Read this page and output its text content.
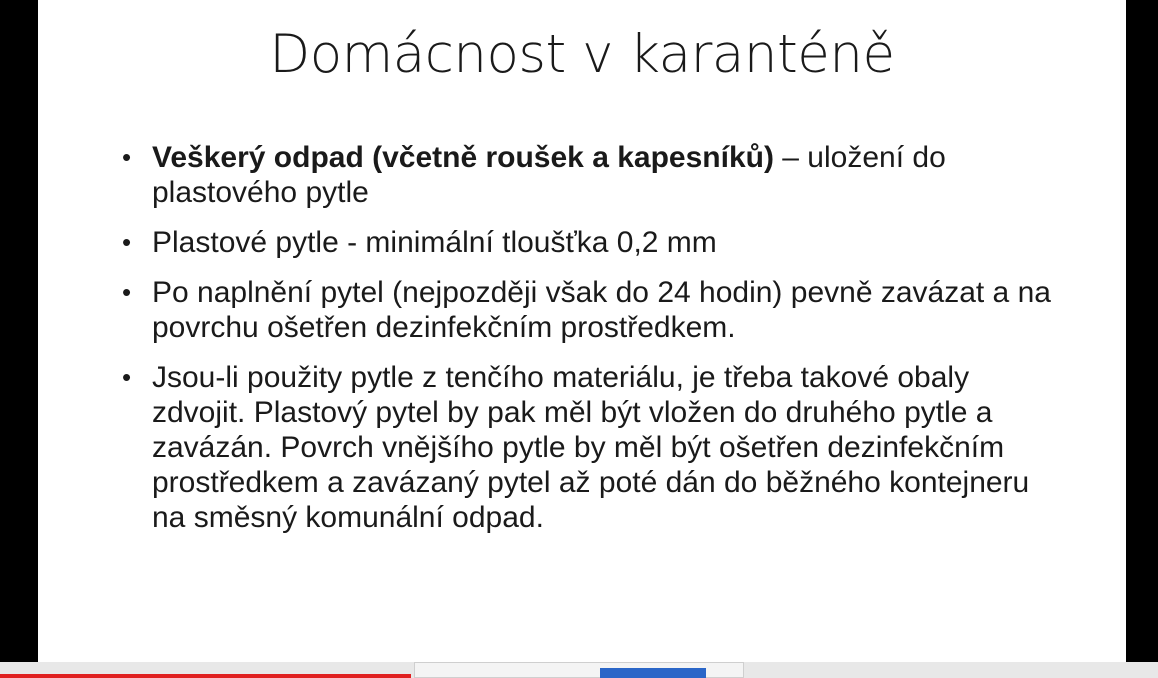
Domácnost v karanténě
• Veškerý odpad (včetně roušek a kapesníků) – uložení do plastového pytle
• Plastové pytle - minimální tloušťka 0,2 mm
• Po naplnění pytel (nejpozději však do 24 hodin) pevně zavázat a na povrchu ošetřen dezinfekčním prostředkem.
• Jsou-li použity pytle z tenčího materiálu, je třeba takové obaly zdvojit. Plastový pytel by pak měl být vložen do druhého pytle a zavázán. Povrch vnějšího pytle by měl být ošetřen dezinfekčním prostředkem a zavázaný pytel až poté dán do běžného kontejneru na směsný komunální odpad.
